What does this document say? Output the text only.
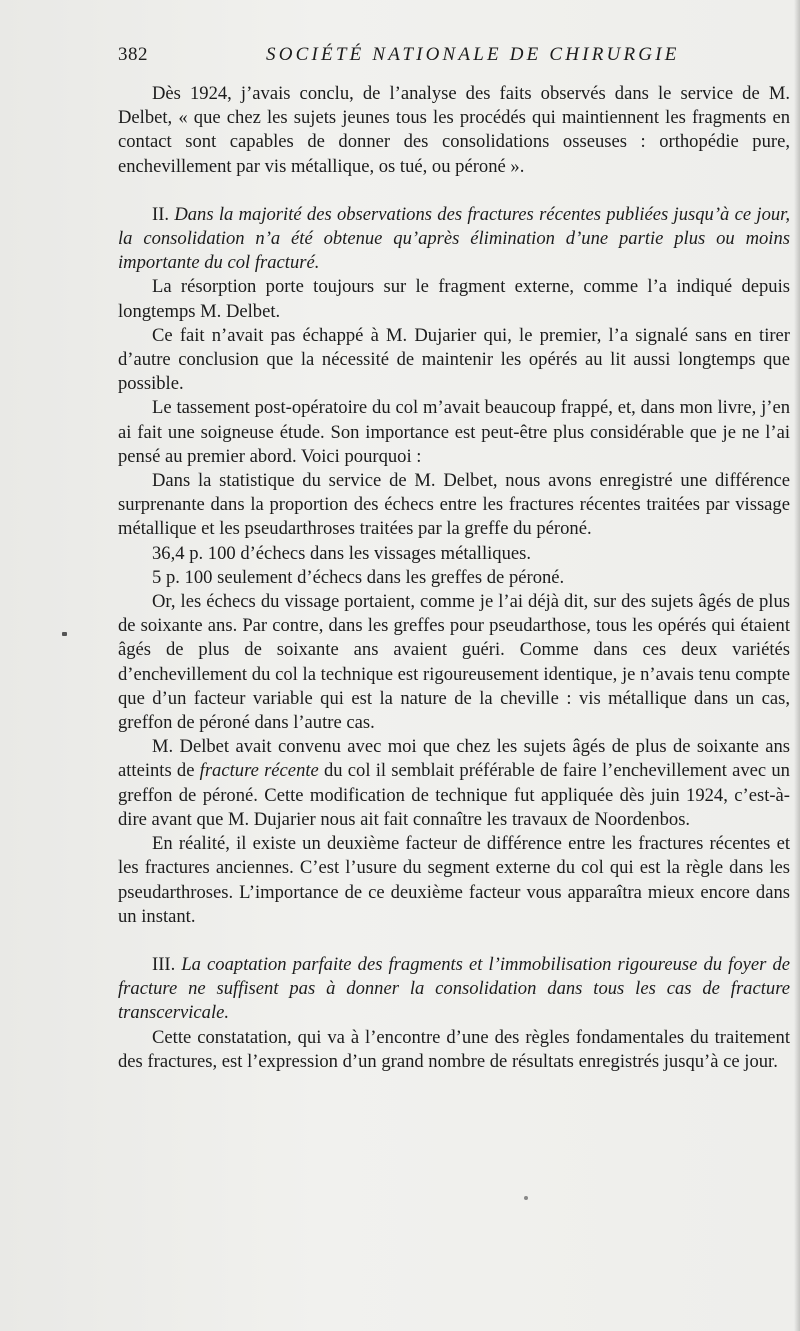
382	SOCIÉTÉ NATIONALE DE CHIRURGIE

Dès 1924, j’avais conclu, de l’analyse des faits observés dans le service de M. Delbet, « que chez les sujets jeunes tous les procédés qui maintiennent les fragments en contact sont capables de donner des consolidations osseuses : orthopédie pure, enchevillement par vis métallique, os tué, ou péroné ».

II. Dans la majorité des observations des fractures récentes publiées jusqu’à ce jour, la consolidation n’a été obtenue qu’après élimination d’une partie plus ou moins importante du col fracturé.

La résorption porte toujours sur le fragment externe, comme l’a indiqué depuis longtemps M. Delbet.

Ce fait n’avait pas échappé à M. Dujarier qui, le premier, l’a signalé sans en tirer d’autre conclusion que la nécessité de maintenir les opérés au lit aussi longtemps que possible.

Le tassement post-opératoire du col m’avait beaucoup frappé, et, dans mon livre, j’en ai fait une soigneuse étude. Son importance est peut-être plus considérable que je ne l’ai pensé au premier abord. Voici pourquoi :

Dans la statistique du service de M. Delbet, nous avons enregistré une différence surprenante dans la proportion des échecs entre les fractures récentes traitées par vissage métallique et les pseudarthroses traitées par la greffe du péroné.

36,4 p. 100 d’échecs dans les vissages métalliques.

5 p. 100 seulement d’échecs dans les greffes de péroné.

Or, les échecs du vissage portaient, comme je l’ai déjà dit, sur des sujets âgés de plus de soixante ans. Par contre, dans les greffes pour pseudarthose, tous les opérés qui étaient âgés de plus de soixante ans avaient guéri. Comme dans ces deux variétés d’enchevillement du col la technique est rigoureusement identique, je n’avais tenu compte que d’un facteur variable qui est la nature de la cheville : vis métallique dans un cas, greffon de péroné dans l’autre cas.

M. Delbet avait convenu avec moi que chez les sujets âgés de plus de soixante ans atteints de fracture récente du col il semblait préférable de faire l’enchevillement avec un greffon de péroné. Cette modification de technique fut appliquée dès juin 1924, c’est-à-dire avant que M. Dujarier nous ait fait connaître les travaux de Noordenbos.

En réalité, il existe un deuxième facteur de différence entre les fractures récentes et les fractures anciennes. C’est l’usure du segment externe du col qui est la règle dans les pseudarthroses. L’importance de ce deuxième facteur vous apparaîtra mieux encore dans un instant.

III. La coaptation parfaite des fragments et l’immobilisation rigoureuse du foyer de fracture ne suffisent pas à donner la consolidation dans tous les cas de fracture transcervicale.

Cette constatation, qui va à l’encontre d’une des règles fondamentales du traitement des fractures, est l’expression d’un grand nombre de résultats enregistrés jusqu’à ce jour.
